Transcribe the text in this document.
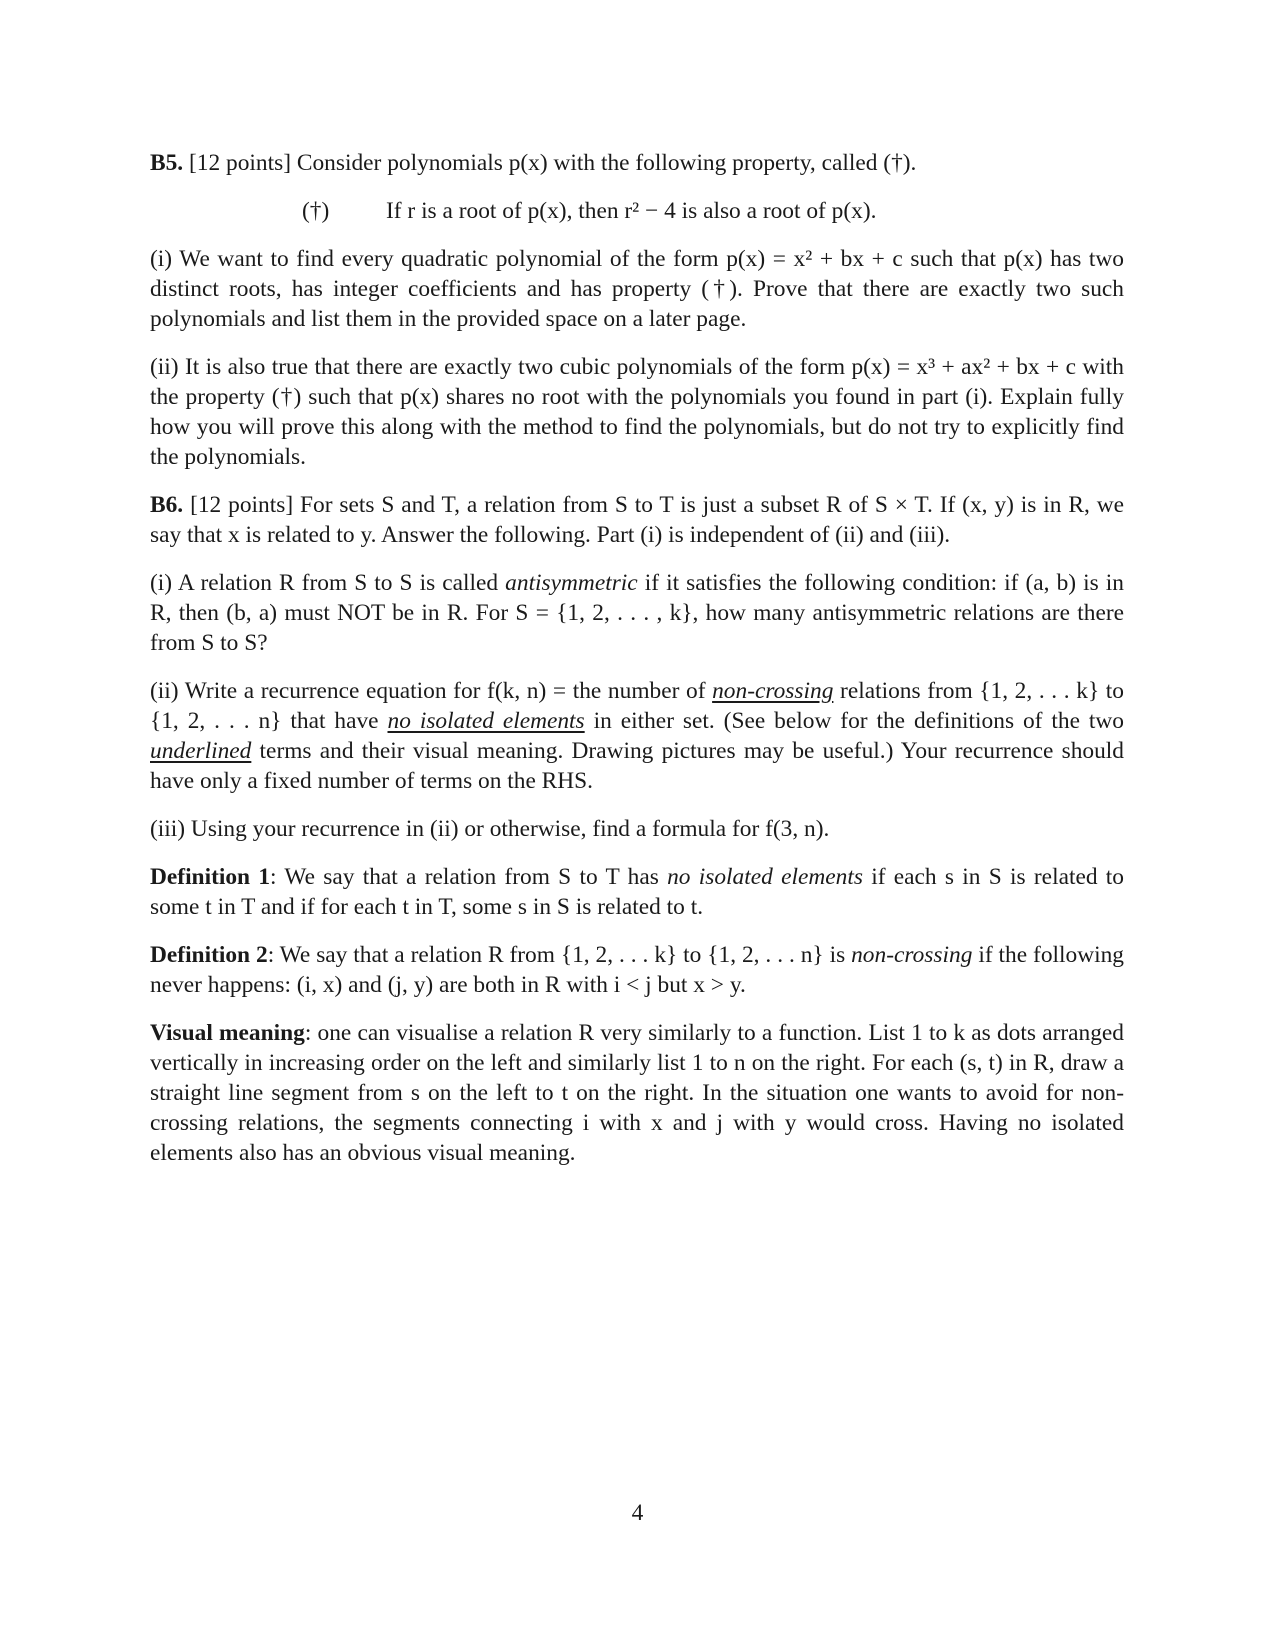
B5. [12 points] Consider polynomials p(x) with the following property, called (†).

(†)	If r is a root of p(x), then r² − 4 is also a root of p(x).

(i) We want to find every quadratic polynomial of the form p(x) = x² + bx + c such that p(x) has two distinct roots, has integer coefficients and has property (†). Prove that there are exactly two such polynomials and list them in the provided space on a later page.

(ii) It is also true that there are exactly two cubic polynomials of the form p(x) = x³ + ax² + bx + c with the property (†) such that p(x) shares no root with the polynomials you found in part (i). Explain fully how you will prove this along with the method to find the polynomials, but do not try to explicitly find the polynomials.

B6. [12 points] For sets S and T, a relation from S to T is just a subset R of S × T. If (x, y) is in R, we say that x is related to y. Answer the following. Part (i) is independent of (ii) and (iii).

(i) A relation R from S to S is called antisymmetric if it satisfies the following condition: if (a, b) is in R, then (b, a) must NOT be in R. For S = {1, 2, . . . , k}, how many antisymmetric relations are there from S to S?

(ii) Write a recurrence equation for f(k, n) = the number of non-crossing relations from {1, 2, . . . k} to {1, 2, . . . n} that have no isolated elements in either set. (See below for the definitions of the two underlined terms and their visual meaning. Drawing pictures may be useful.) Your recurrence should have only a fixed number of terms on the RHS.

(iii) Using your recurrence in (ii) or otherwise, find a formula for f(3, n).

Definition 1: We say that a relation from S to T has no isolated elements if each s in S is related to some t in T and if for each t in T, some s in S is related to t.

Definition 2: We say that a relation R from {1, 2, . . . k} to {1, 2, . . . n} is non-crossing if the following never happens: (i, x) and (j, y) are both in R with i < j but x > y.

Visual meaning: one can visualise a relation R very similarly to a function. List 1 to k as dots arranged vertically in increasing order on the left and similarly list 1 to n on the right. For each (s, t) in R, draw a straight line segment from s on the left to t on the right. In the situation one wants to avoid for non-crossing relations, the segments connecting i with x and j with y would cross. Having no isolated elements also has an obvious visual meaning.

4
